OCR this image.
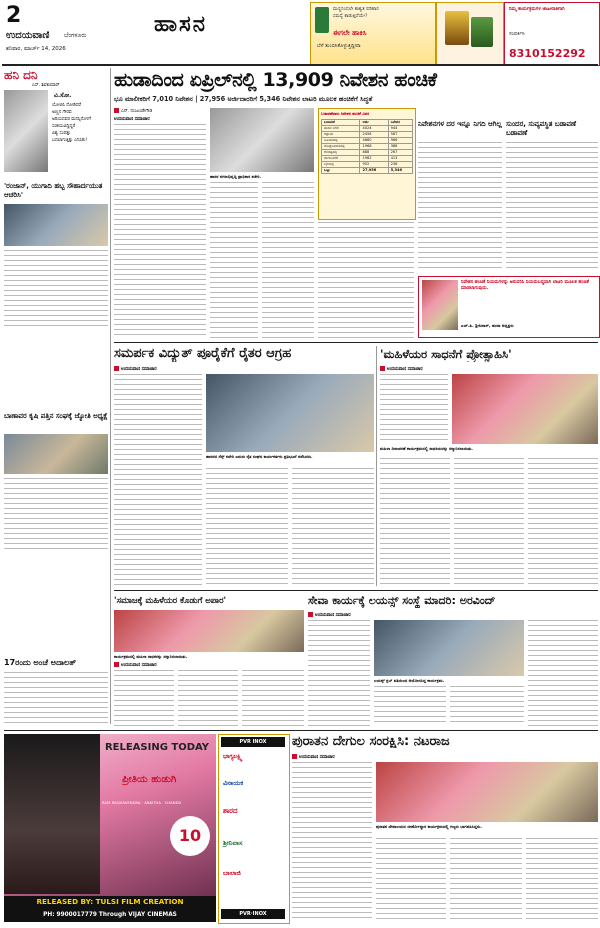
2
ಉದಯವಾಣಿ ಬೆಂಗಳೂರು
ಶನಿವಾರ, ಮಾರ್ಚ್ 14, 2026
ಹಾಸನ
ಮಣ್ಣಿನಿಂದಲೇ ಶಾಶ್ವತ ಪರಿಹಾರ
ಸಮಸ್ಯೆ ಕಾಡುತ್ತಿದೆಯೇ?
ಈಗಲೇ ಹಾಕಿಸಿ
ಬೆಳೆ ತುಂಬಿಸಿಕೊಳ್ಳುತ್ತಿದ್ದೀರಾ
ನಿಮ್ಮ ಕಾರ್ಯಕ್ರಮಗಳ ಜಾಹೀರಾತಿಗಾಗಿ
ಸಂಪರ್ಕಿಸಿ
8310152292
ಹನಿ ದನಿ
ಎಸ್. ಶಿವಕುಮಾರ್
ವಿ.ಸೋ.
ಯೋಚಿಸಿ ನೋಡಿದರೆ
ಅಣ್ಣನ ಗೌರವ
ಅರಿಯದವರ ಮನಸ್ಸಿನೊಳಗೆ
ಸಂಶಯವಿದ್ದಿದ್ದರೆ
ವಿಶ್ವ ಸಂಪತ್ತು
ಬದಲಾಗುತ್ತಿತ್ತು ಎನಿಸಿತು!
'ರಂಜಾನ್, ಯುಗಾದಿ ಹಬ್ಬ ಸೌಹಾರ್ದಯುತ ಆಚರಿಸಿ'
ಬಾಣಾವರ ಕೃಷಿ ಪತ್ತಿನ ಸಂಘಕ್ಕೆ ಜ್ಯೋತಿ ಅಧ್ಯಕ್ಷೆ
17ರಂದು ಅಂಚೆ ಅದಾಲತ್
ಹುಡಾದಿಂದ ಏಪ್ರಿಲ್‌ನಲ್ಲಿ 13,909 ನಿವೇಶನ ಹಂಚಿಕೆ
ಭೂ ಮಾಲೀಕರಿಗೆ 7,010 ನಿವೇಶನ | 27,956 ಅರ್ಜಿದಾರರಿಗೆ 5,346 ನಿವೇಶನ ಲಾಟರಿ ಮೂಲಕ ಹಂಚಿಕೆಗೆ ಸಿದ್ಧತೆ
ಎನ್. ನಂಜುಂಡೇಗೌಡ
ಉದಯವಾಣಿ ಸಮಾಚಾರ
ಹಾಸನ ನಗರಾಭಿವೃದ್ಧಿ ಪ್ರಾಧಿಕಾರ ಕಚೇರಿ.
ಬಡಾವಣೆವಾರು ನಿವೇಶನ ಹಂಚಿಕೆ ವಿವರ
ಬಡಾವಣೆ	ಅರ್ಜಿ	ನಿವೇಶನ
ಹಾಸನ ನಗರ	4024	944
ಕಟ್ಟಾಯ	2456	587
ಬೂವನಹಳ್ಳಿ	4680	966
ದೊಡ್ಡಬಸವನಹಳ್ಳಿ	1968	388
ಕೆಂಚಟ್ಟಹಳ್ಳಿ	888	267
ಹುಣಸಿನಕೆರೆ	1982	413
ಬೈಲಹಳ್ಳಿ	952	236
ಒಟ್ಟು	27,956	5,346
ನಿವೇಶನಗಳ ದರ ಇನ್ನೂ ನಿಗದಿ ಆಗಿಲ್ಲ ಸುಂದರ, ಸುವ್ಯವಸ್ಥಿತ ಬಡಾವಣೆ ಬಡಾವಣೆ
ನಿವೇಶನ ಹಂಚಿಕೆ ನಿಯಮಗಳನ್ನು ಅನುಸರಿಸಿ ನಿಯಮಬದ್ಧವಾಗಿ ಲಾಟರಿ ಮೂಲಕ ಹಂಚಿಕೆ ಮಾಡಲಾಗುವುದು.
ಎಚ್.ಪಿ. ಶ್ರೀನಿವಾಸ್, ಹುಡಾ ಅಧ್ಯಕ್ಷರು
ಸಮರ್ಪಕ ವಿದ್ಯುತ್ ಪೂರೈಕೆಗೆ ರೈತರ ಆಗ್ರಹ
ಉದಯವಾಣಿ ಸಮಾಚಾರ
ಹಾಸನದ ಸೆಸ್ಕ್ ಕಚೇರಿ ಎದುರು ರೈತ ಸಂಘದ ಕಾರ್ಯಕರ್ತರು ಪ್ರತಿಭಟನೆ ನಡೆಸಿದರು.
'ಮಹಿಳೆಯರ ಸಾಧನೆಗೆ ಪ್ರೋತ್ಸಾಹಿಸಿ'
ಉದಯವಾಣಿ ಸಮಾಚಾರ
ಮಹಿಳಾ ದಿನಾಚರಣೆ ಕಾರ್ಯಕ್ರಮದಲ್ಲಿ ಸಾಧಕಿಯರನ್ನು ಸನ್ಮಾನಿಸಲಾಯಿತು.
'ಸಮಾಜಕ್ಕೆ ಮಹಿಳೆಯರ ಕೊಡುಗೆ ಅಪಾರ'
ಕಾರ್ಯಕ್ರಮದಲ್ಲಿ ಮಹಿಳಾ ಸಾಧಕರನ್ನು ಸನ್ಮಾನಿಸಲಾಯಿತು.
ಉದಯವಾಣಿ ಸಮಾಚಾರ
ಸೇವಾ ಕಾರ್ಯಕ್ಕೆ ಲಯನ್ಸ್ ಸಂಸ್ಥೆ ಮಾದರಿ: ಅರವಿಂದ್
ಉದಯವಾಣಿ ಸಮಾಚಾರ
ಲಯನ್ಸ್ ಕ್ಲಬ್ ವತಿಯಿಂದ ಆಯೋಜಿಸಿದ್ದ ಕಾರ್ಯಕ್ರಮ.
RELEASING TODAY
ಪ್ರೀತಿಯ ಹುಡುಗಿ
RAM RAGHAVENDRA · ANKITHA · CHANDU
10
RELEASED BY: TULSI FILM CREATION
PH: 9900017779 Through VIJAY CINEMAS
PVR INOX
ಭಾಗ್ಯಲಕ್ಷ್ಮಿ
ವಿನಾಯಕ
ಶಾರದ
ಶ್ರೀನಿವಾಸ
ಬಾಲಾಜಿ
PVR·INOX
ಪುರಾತನ ದೇಗುಲ ಸಂರಕ್ಷಿಸಿ: ನಟರಾಜ
ಉದಯವಾಣಿ ಸಮಾಚಾರ
ಪುರಾತನ ದೇವಾಲಯದ ಜೀರ್ಣೋದ್ಧಾರ ಕಾರ್ಯಕ್ರಮದಲ್ಲಿ ಗಣ್ಯರು ಭಾಗವಹಿಸಿದ್ದರು.
